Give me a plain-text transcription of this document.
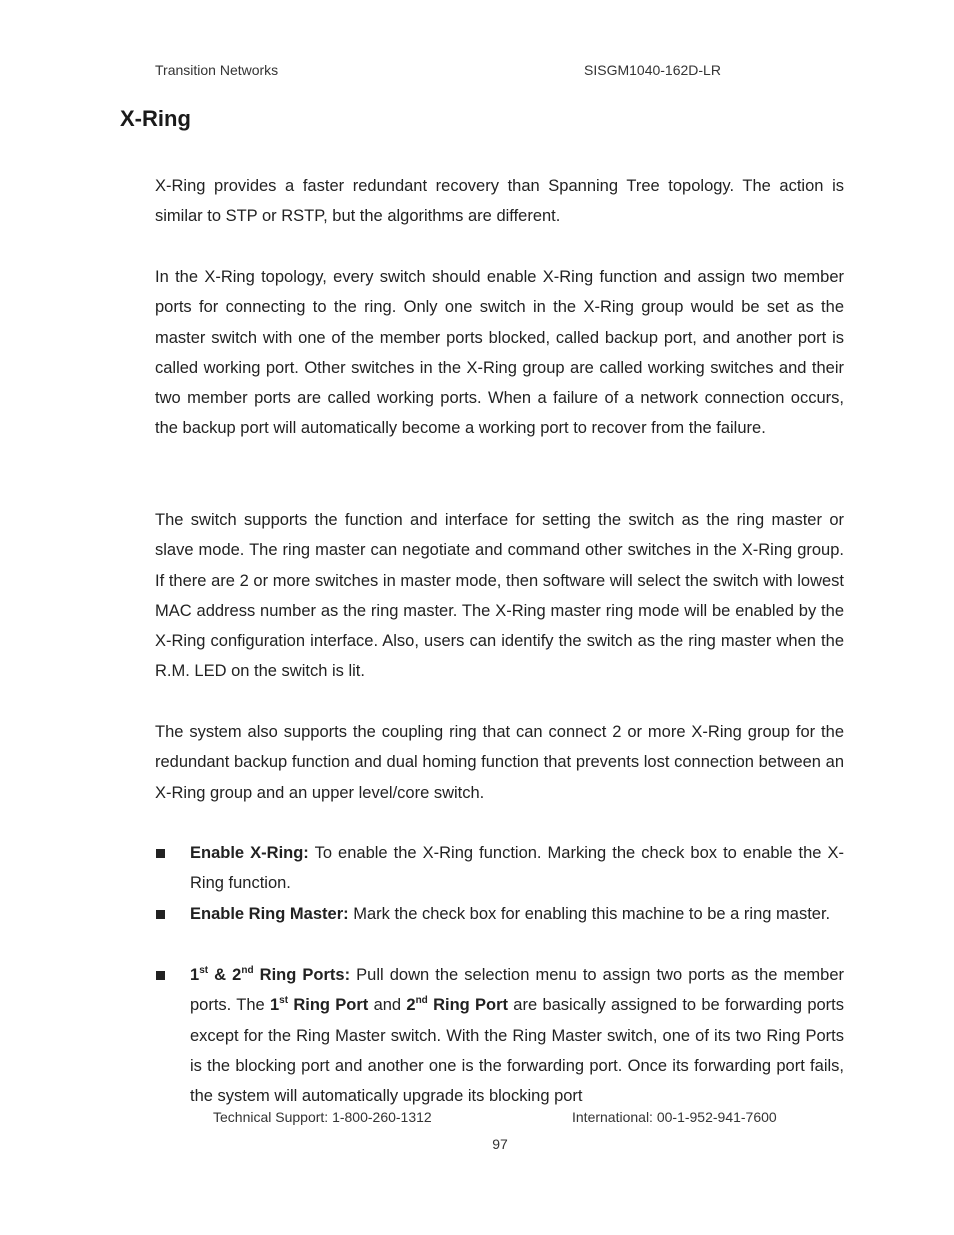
Transition Networks	SISGM1040-162D-LR
X-Ring

X-Ring provides a faster redundant recovery than Spanning Tree topology. The action is similar to STP or RSTP, but the algorithms are different.

In the X-Ring topology, every switch should enable X-Ring function and assign two member ports for connecting to the ring. Only one switch in the X-Ring group would be set as the master switch with one of the member ports blocked, called backup port, and another port is called working port. Other switches in the X-Ring group are called working switches and their two member ports are called working ports. When a failure of a network connection occurs, the backup port will automatically become a working port to recover from the failure.

The switch supports the function and interface for setting the switch as the ring master or slave mode. The ring master can negotiate and command other switches in the X-Ring group. If there are 2 or more switches in master mode, then software will select the switch with lowest MAC address number as the ring master. The X-Ring master ring mode will be enabled by the X-Ring configuration interface. Also, users can identify the switch as the ring master when the R.M. LED on the switch is lit.

The system also supports the coupling ring that can connect 2 or more X-Ring group for the redundant backup function and dual homing function that prevents lost connection between an X-Ring group and an upper level/core switch.

Enable X-Ring: To enable the X-Ring function. Marking the check box to enable the X-Ring function.

Enable Ring Master: Mark the check box for enabling this machine to be a ring master.

1st & 2nd Ring Ports: Pull down the selection menu to assign two ports as the member ports. The 1st Ring Port and 2nd Ring Port are basically assigned to be forwarding ports except for the Ring Master switch. With the Ring Master switch, one of its two Ring Ports is the blocking port and another one is the forwarding port. Once its forwarding port fails, the system will automatically upgrade its blocking port

Technical Support: 1-800-260-1312	International: 00-1-952-941-7600
97
